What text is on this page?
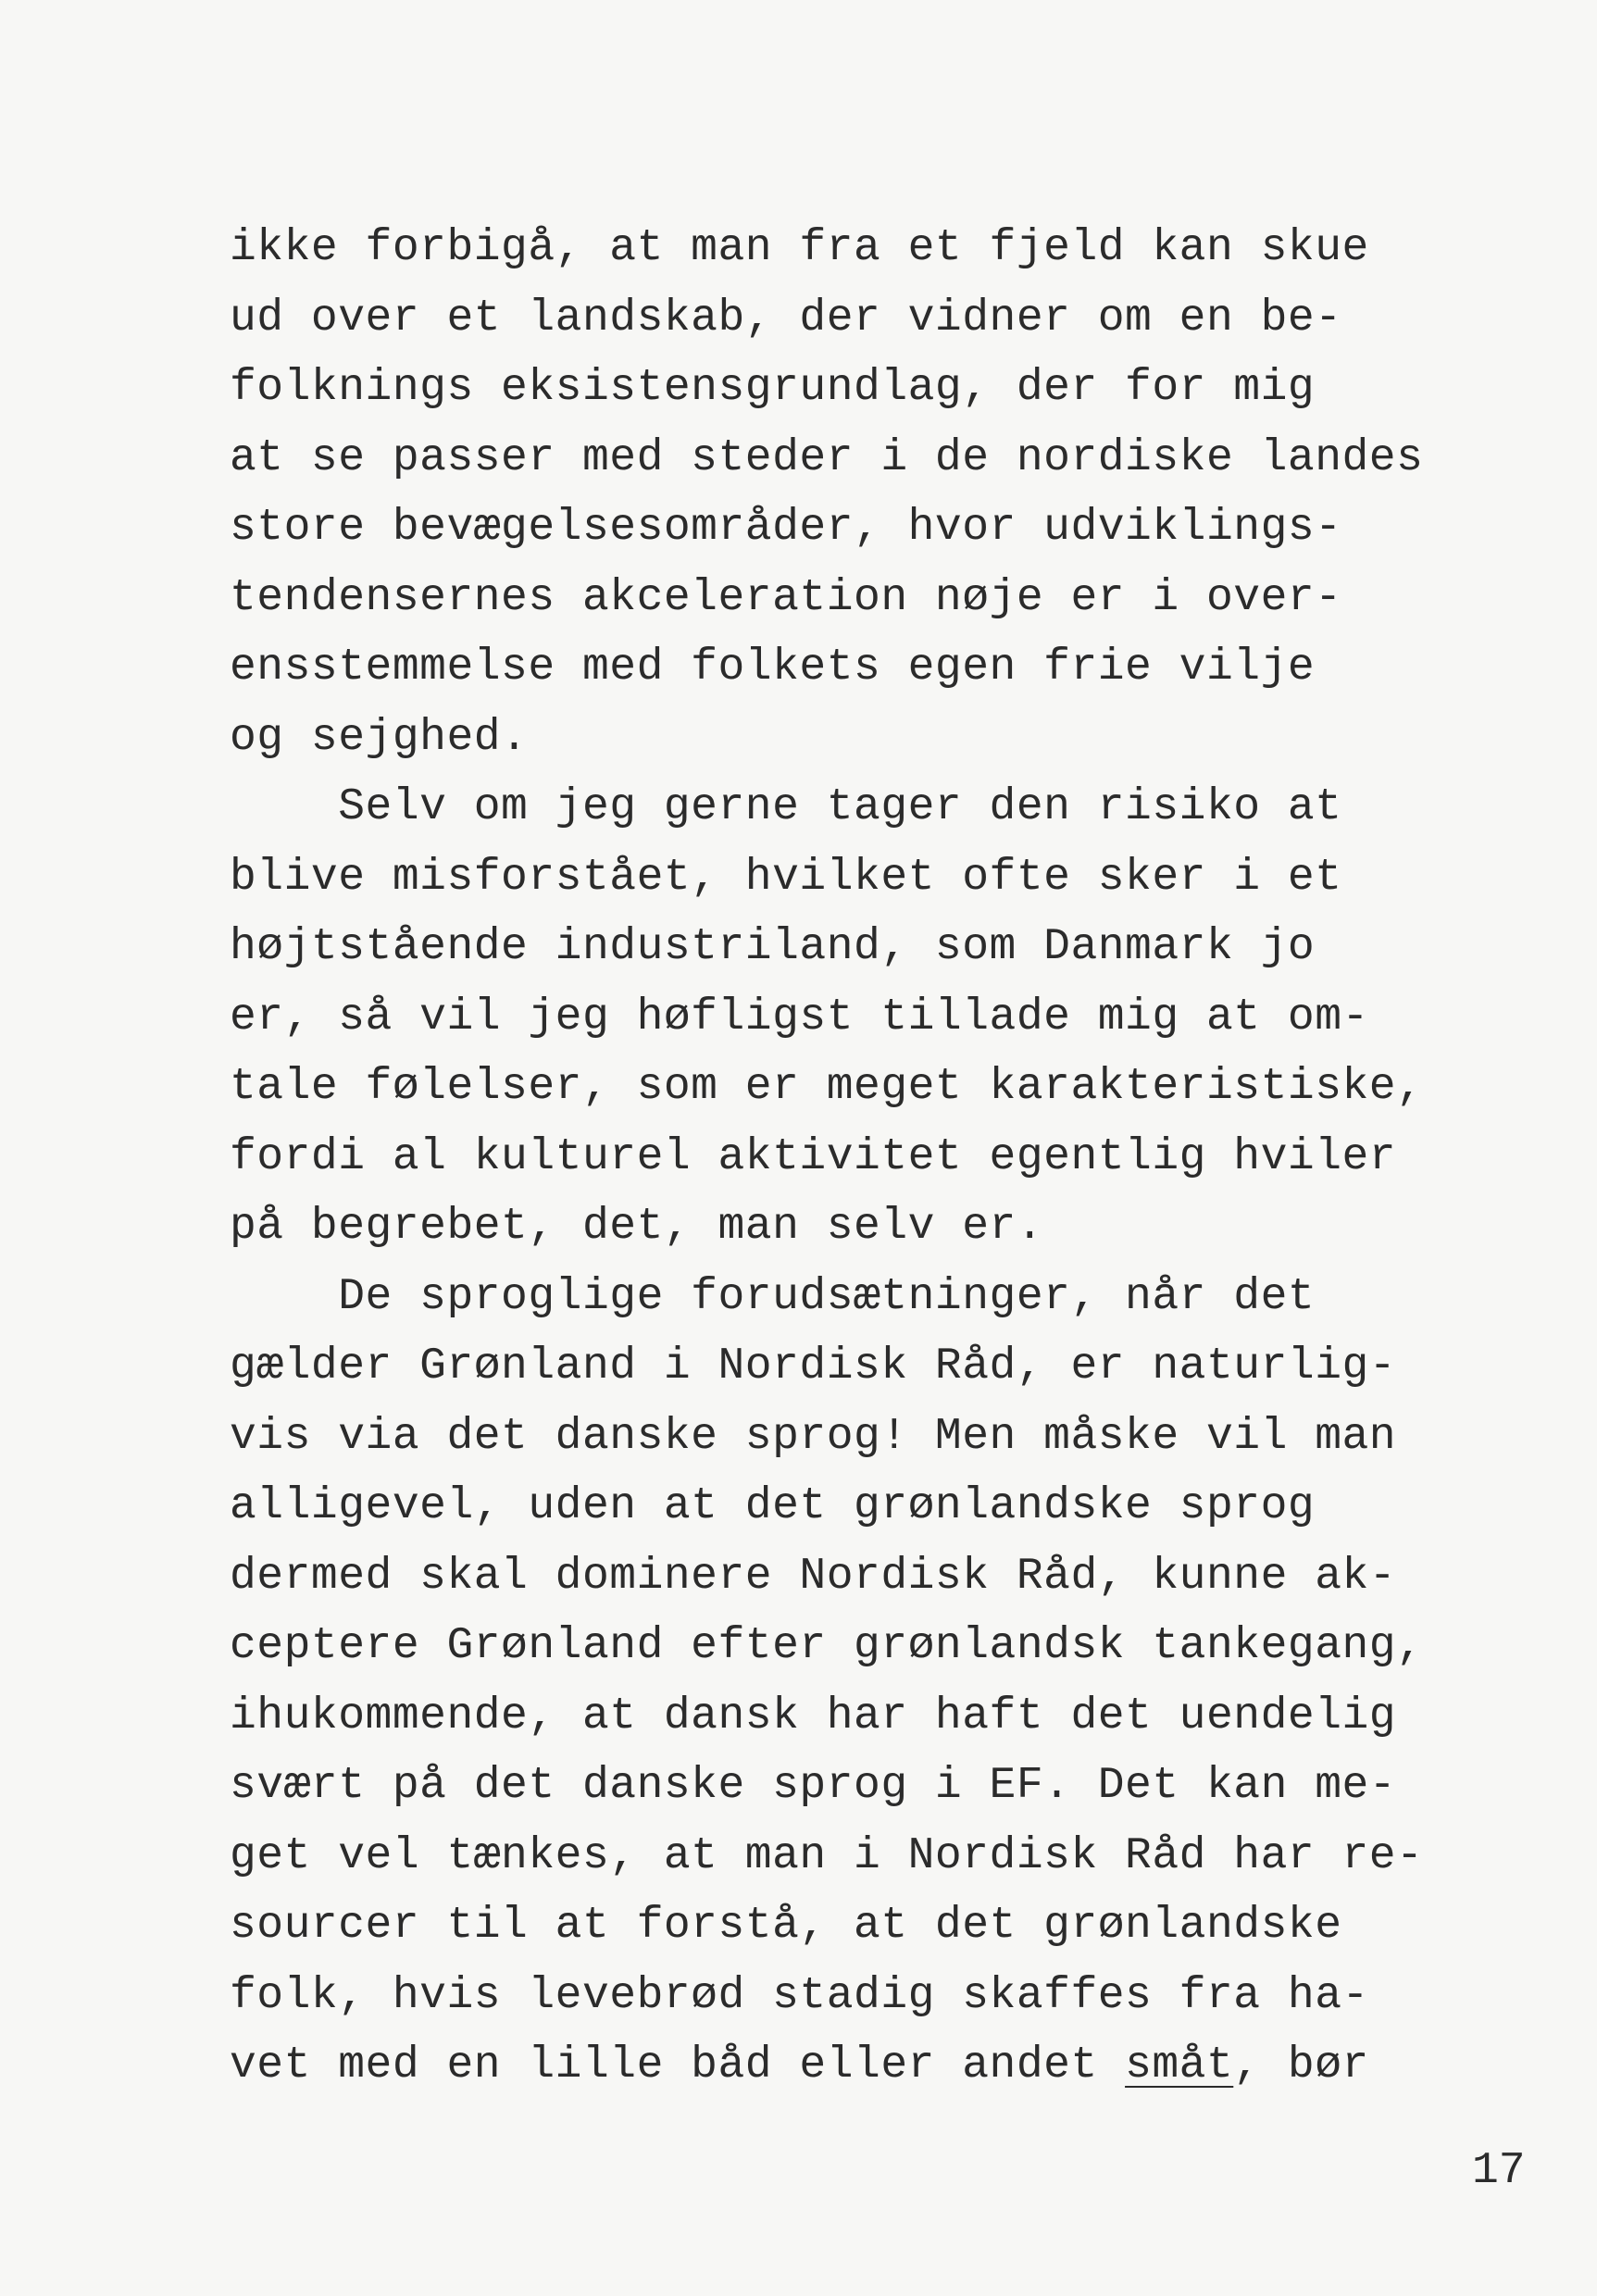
ikke forbigå, at man fra et fjeld kan skue
ud over et landskab, der vidner om en be-
folknings eksistensgrundlag, der for mig
at se passer med steder i de nordiske landes
store bevægelsesområder, hvor udviklings-
tendensernes akceleration nøje er i over-
ensstemmelse med folkets egen frie vilje
og sejghed.
Selv om jeg gerne tager den risiko at
blive misforstået, hvilket ofte sker i et
højtstående industriland, som Danmark jo
er, så vil jeg høfligst tillade mig at om-
tale følelser, som er meget karakteristiske,
fordi al kulturel aktivitet egentlig hviler
på begrebet, det, man selv er.
De sproglige forudsætninger, når det
gælder Grønland i Nordisk Råd, er naturlig-
vis via det danske sprog! Men måske vil man
alligevel, uden at det grønlandske sprog
dermed skal dominere Nordisk Råd, kunne ak-
ceptere Grønland efter grønlandsk tankegang,
ihukommende, at dansk har haft det uendelig
svært på det danske sprog i EF. Det kan me-
get vel tænkes, at man i Nordisk Råd har re-
sourcer til at forstå, at det grønlandske
folk, hvis levebrød stadig skaffes fra ha-
vet med en lille båd eller andet småt, bør
17
